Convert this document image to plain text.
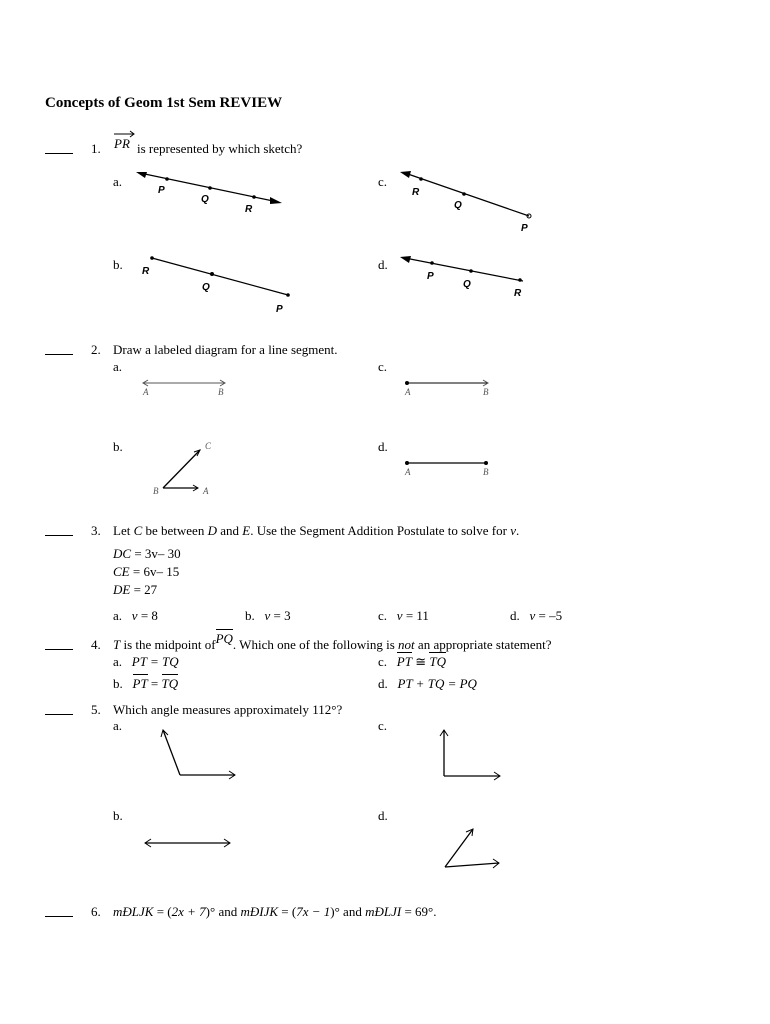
Concepts of Geom 1st Sem REVIEW
1. PR is represented by which sketch?
a.	c.
b.	d.
P
Q
R
R
Q
P
R
Q
P
P
Q
R
2. Draw a labeled diagram for a line segment.
a.	c.
b.	d.
A	B	A	B
C
B	A
A	B
3. Let C be between D and E. Use the Segment Addition Postulate to solve for v.
DC = 3v– 30
CE = 6v– 15
DE = 27
a. v = 8	b. v = 3	c. v = 11	d. v = –5
4. T is the midpoint ofPQ. Which one of the following is not an appropriate statement?
a. PT = TQ
b. PT = TQ
c. PT ≅ TQ
d. PT + TQ = PQ
5. Which angle measures approximately 112°?
a.	c.
b.	d.
6. mÐLJK = (2x + 7)° and mÐIJK = (7x − 1)° and mÐLJI = 69°.
